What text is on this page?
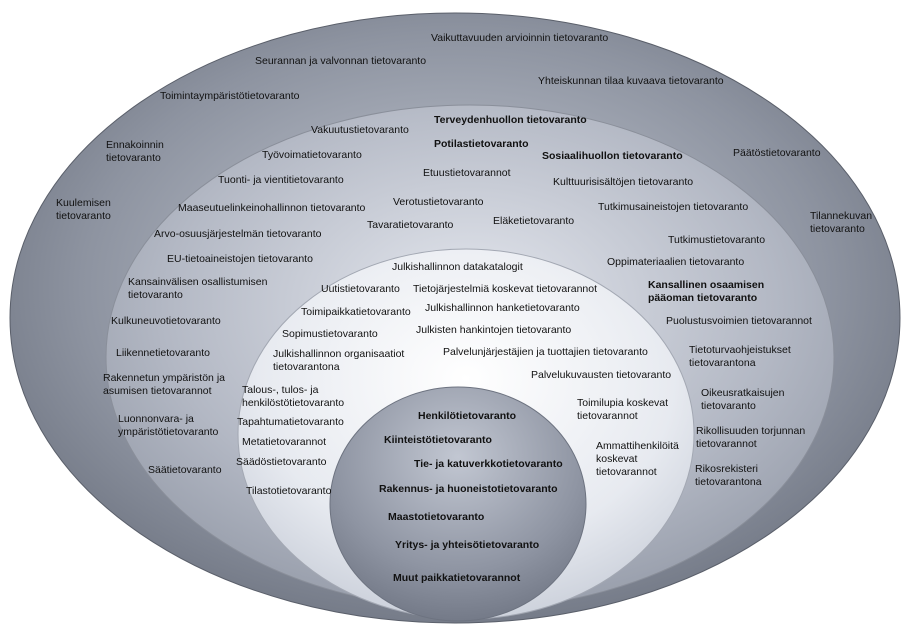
Vaikuttavuuden arvioinnin tietovaranto
Seurannan ja valvonnan tietovaranto
Yhteiskunnan tilaa kuvaava tietovaranto
Toimintaympäristötietovaranto
Ennakoinnin
tietovaranto	Päätöstietovaranto
Kuulemisen
tietovaranto	Tilannekuvan
tietovaranto
Vakuutustietovaranto
Terveydenhuollon tietovaranto
Potilastietovaranto
Sosiaalihuollon tietovaranto
Työvoimatietovaranto
Etuustietovarannot
Tuonti- ja vientitietovaranto	Kulttuurisisältöjen tietovaranto
Verotustietovaranto
Maaseutuelinkeinohallinnon tietovaranto	Tutkimusaineistojen tietovaranto
Tavaratietovaranto	Eläketietovaranto
Arvo-osuusjärjestelmän tietovaranto	Tutkimustietovaranto
EU-tietoaineistojen tietovaranto	Oppimateriaalien tietovaranto
Kansainvälisen osallistumisen
tietovaranto
Kansallinen osaamisen
pääoman tietovaranto
Kulkuneuvotietovaranto	Puolustusvoimien tietovarannot
Liikennetietovaranto	Tietoturvaohjeistukset
tietovarantona
Rakennetun ympäristön ja
asumisen tietovarannot	Oikeusratkaisujen
tietovaranto
Luonnonvara- ja
ympäristötietovaranto	Rikollisuuden torjunnan
tietovarannot
Säätietovaranto	Rikosrekisteri
tietovarantona
Julkishallinnon datakatalogit
Uutistietovaranto Tietojärjestelmiä koskevat tietovarannot
Toimipaikkatietovaranto Julkishallinnon hanketietovaranto
Sopimustietovaranto	Julkisten hankintojen tietovaranto
Julkishallinnon organisaatiot
tietovarantona
Palvelunjärjestäjien ja tuottajien tietovaranto
Palvelukuvausten tietovaranto
Talous-, tulos- ja
henkilöstötietovaranto	Toimilupia koskevat
tietovarannot
Tapahtumatietovaranto
Ammattihenkilöitä
koskevat
tietovarannot
Metatietovarannot
Säädöstietovaranto
Tilastotietovaranto
Henkilötietovaranto
Kiinteistötietovaranto
Tie- ja katuverkkotietovaranto
Rakennus- ja huoneistotietovaranto
Maastotietovaranto
Yritys- ja yhteisötietovaranto
Muut paikkatietovarannot
